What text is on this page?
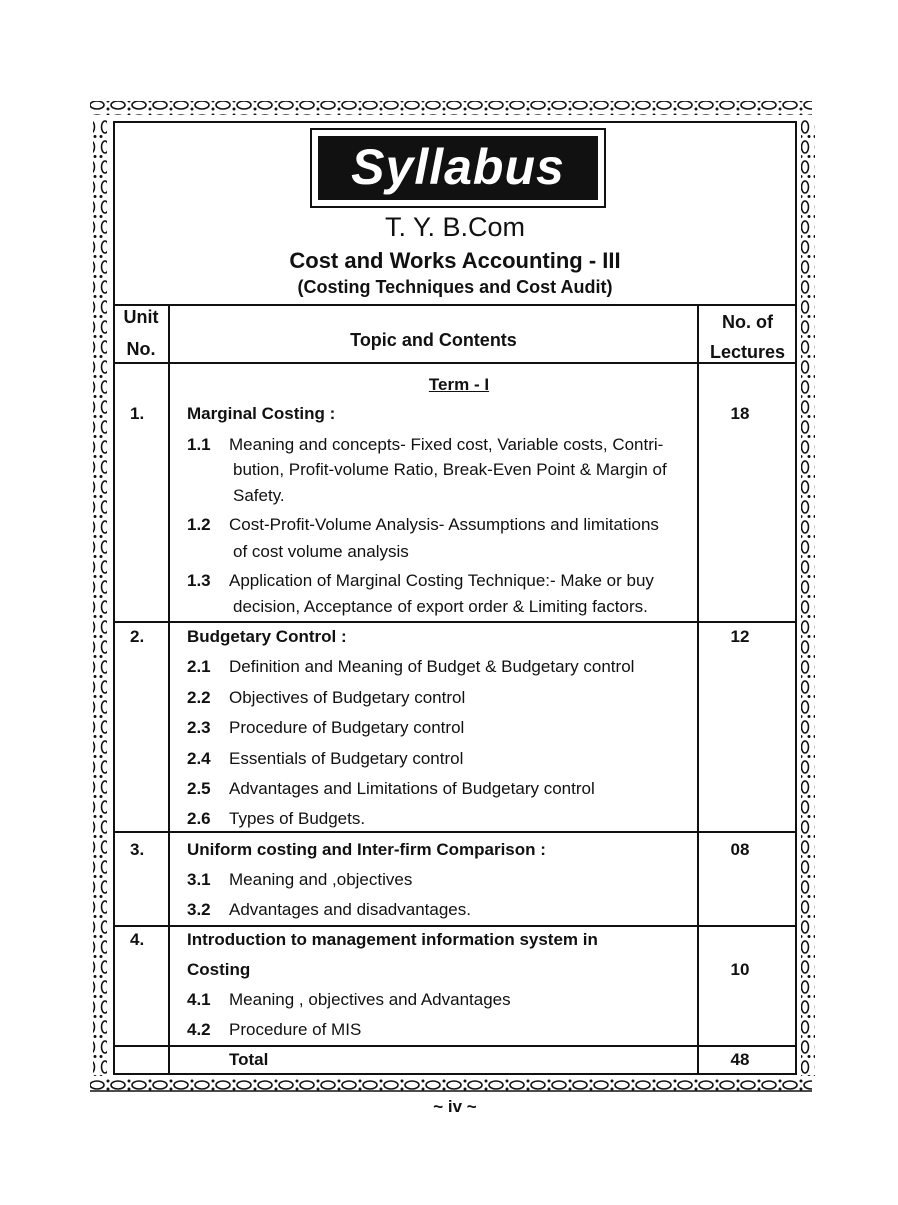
Syllabus
T. Y. B.Com
Cost and Works Accounting - III
(Costing Techniques and Cost Audit)
Unit
No.	Topic and Contents
No. of
Lectures
Term - I
1.	Marginal Costing :	18
1.1 Meaning and concepts- Fixed cost, Variable costs, Contri-
bution, Profit-volume Ratio, Break-Even Point & Margin of
Safety.
1.2 Cost-Profit-Volume Analysis- Assumptions and limitations
of cost volume analysis
1.3 Application of Marginal Costing Technique:- Make or buy
decision, Acceptance of export order & Limiting factors.
2.	Budgetary Control :	12
2.1 Definition and Meaning of Budget & Budgetary control
2.2 Objectives of Budgetary control
2.3 Procedure of Budgetary control
2.4 Essentials of Budgetary control
2.5 Advantages and Limitations of Budgetary control
2.6 Types of Budgets.
3.	Uniform costing and Inter-firm Comparison :	08
3.1 Meaning and ,objectives
3.2 Advantages and disadvantages.
4.	Introduction to management information system in
Costing	10
4.1 Meaning , objectives and Advantages
4.2 Procedure of MIS
Total	48
~ iv ~
